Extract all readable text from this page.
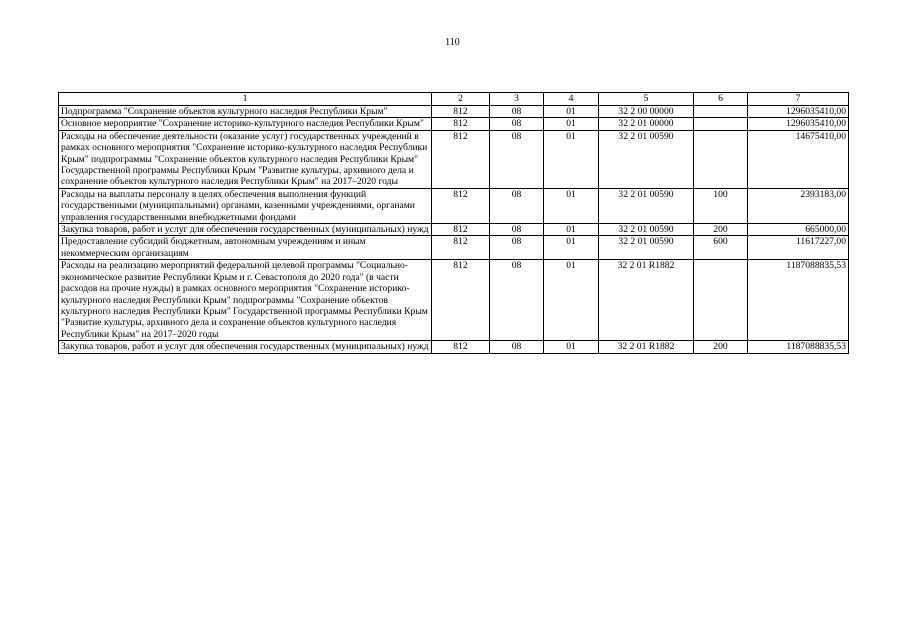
110
1	2	3	4	5	6	7
Подпрограмма "Сохранение объектов культурного наследия Республики Крым"	812	08	01	32 2 00 00000		1296035410,00
Основное мероприятие "Сохранение историко-культурного наследия Республики Крым"	812	08	01	32 2 01 00000		1296035410,00
Расходы на обеспечение деятельности (оказание услуг) государственных учреждений в рамках основного мероприятия "Сохранение историко-культурного наследия Республики Крым" подпрограммы "Сохранение объектов культурного наследия Республики Крым" Государственной программы Республики Крым "Развитие культуры, архивного дела и сохранение объектов культурного наследия Республики Крым" на 2017–2020 годы	812	08	01	32 2 01 00590		14675410,00
Расходы на выплаты персоналу в целях обеспечения выполнения функций государственными (муниципальными) органами, казенными учреждениями, органами управления государственными внебюджетными фондами	812	08	01	32 2 01 00590	100	2393183,00
Закупка товаров, работ и услуг для обеспечения государственных (муниципальных) нужд	812	08	01	32 2 01 00590	200	665000,00
Предоставление субсидий бюджетным, автономным учреждениям и иным некоммерческим организациям	812	08	01	32 2 01 00590	600	11617227,00
Расходы на реализацию мероприятий федеральной целевой программы "Социально-экономическое развитие Республики Крым и г. Севастополя до 2020 года" (в части расходов на прочие нужды) в рамках основного мероприятия "Сохранение историко-культурного наследия Республики Крым" подпрограммы "Сохранение объектов культурного наследия Республики Крым" Государственной программы Республики Крым "Развитие культуры, архивного дела и сохранение объектов культурного наследия Республики Крым" на 2017–2020 годы	812	08	01	32 2 01 R1882		1187088835,53
Закупка товаров, работ и услуг для обеспечения государственных (муниципальных) нужд	812	08	01	32 2 01 R1882	200	1187088835,53
